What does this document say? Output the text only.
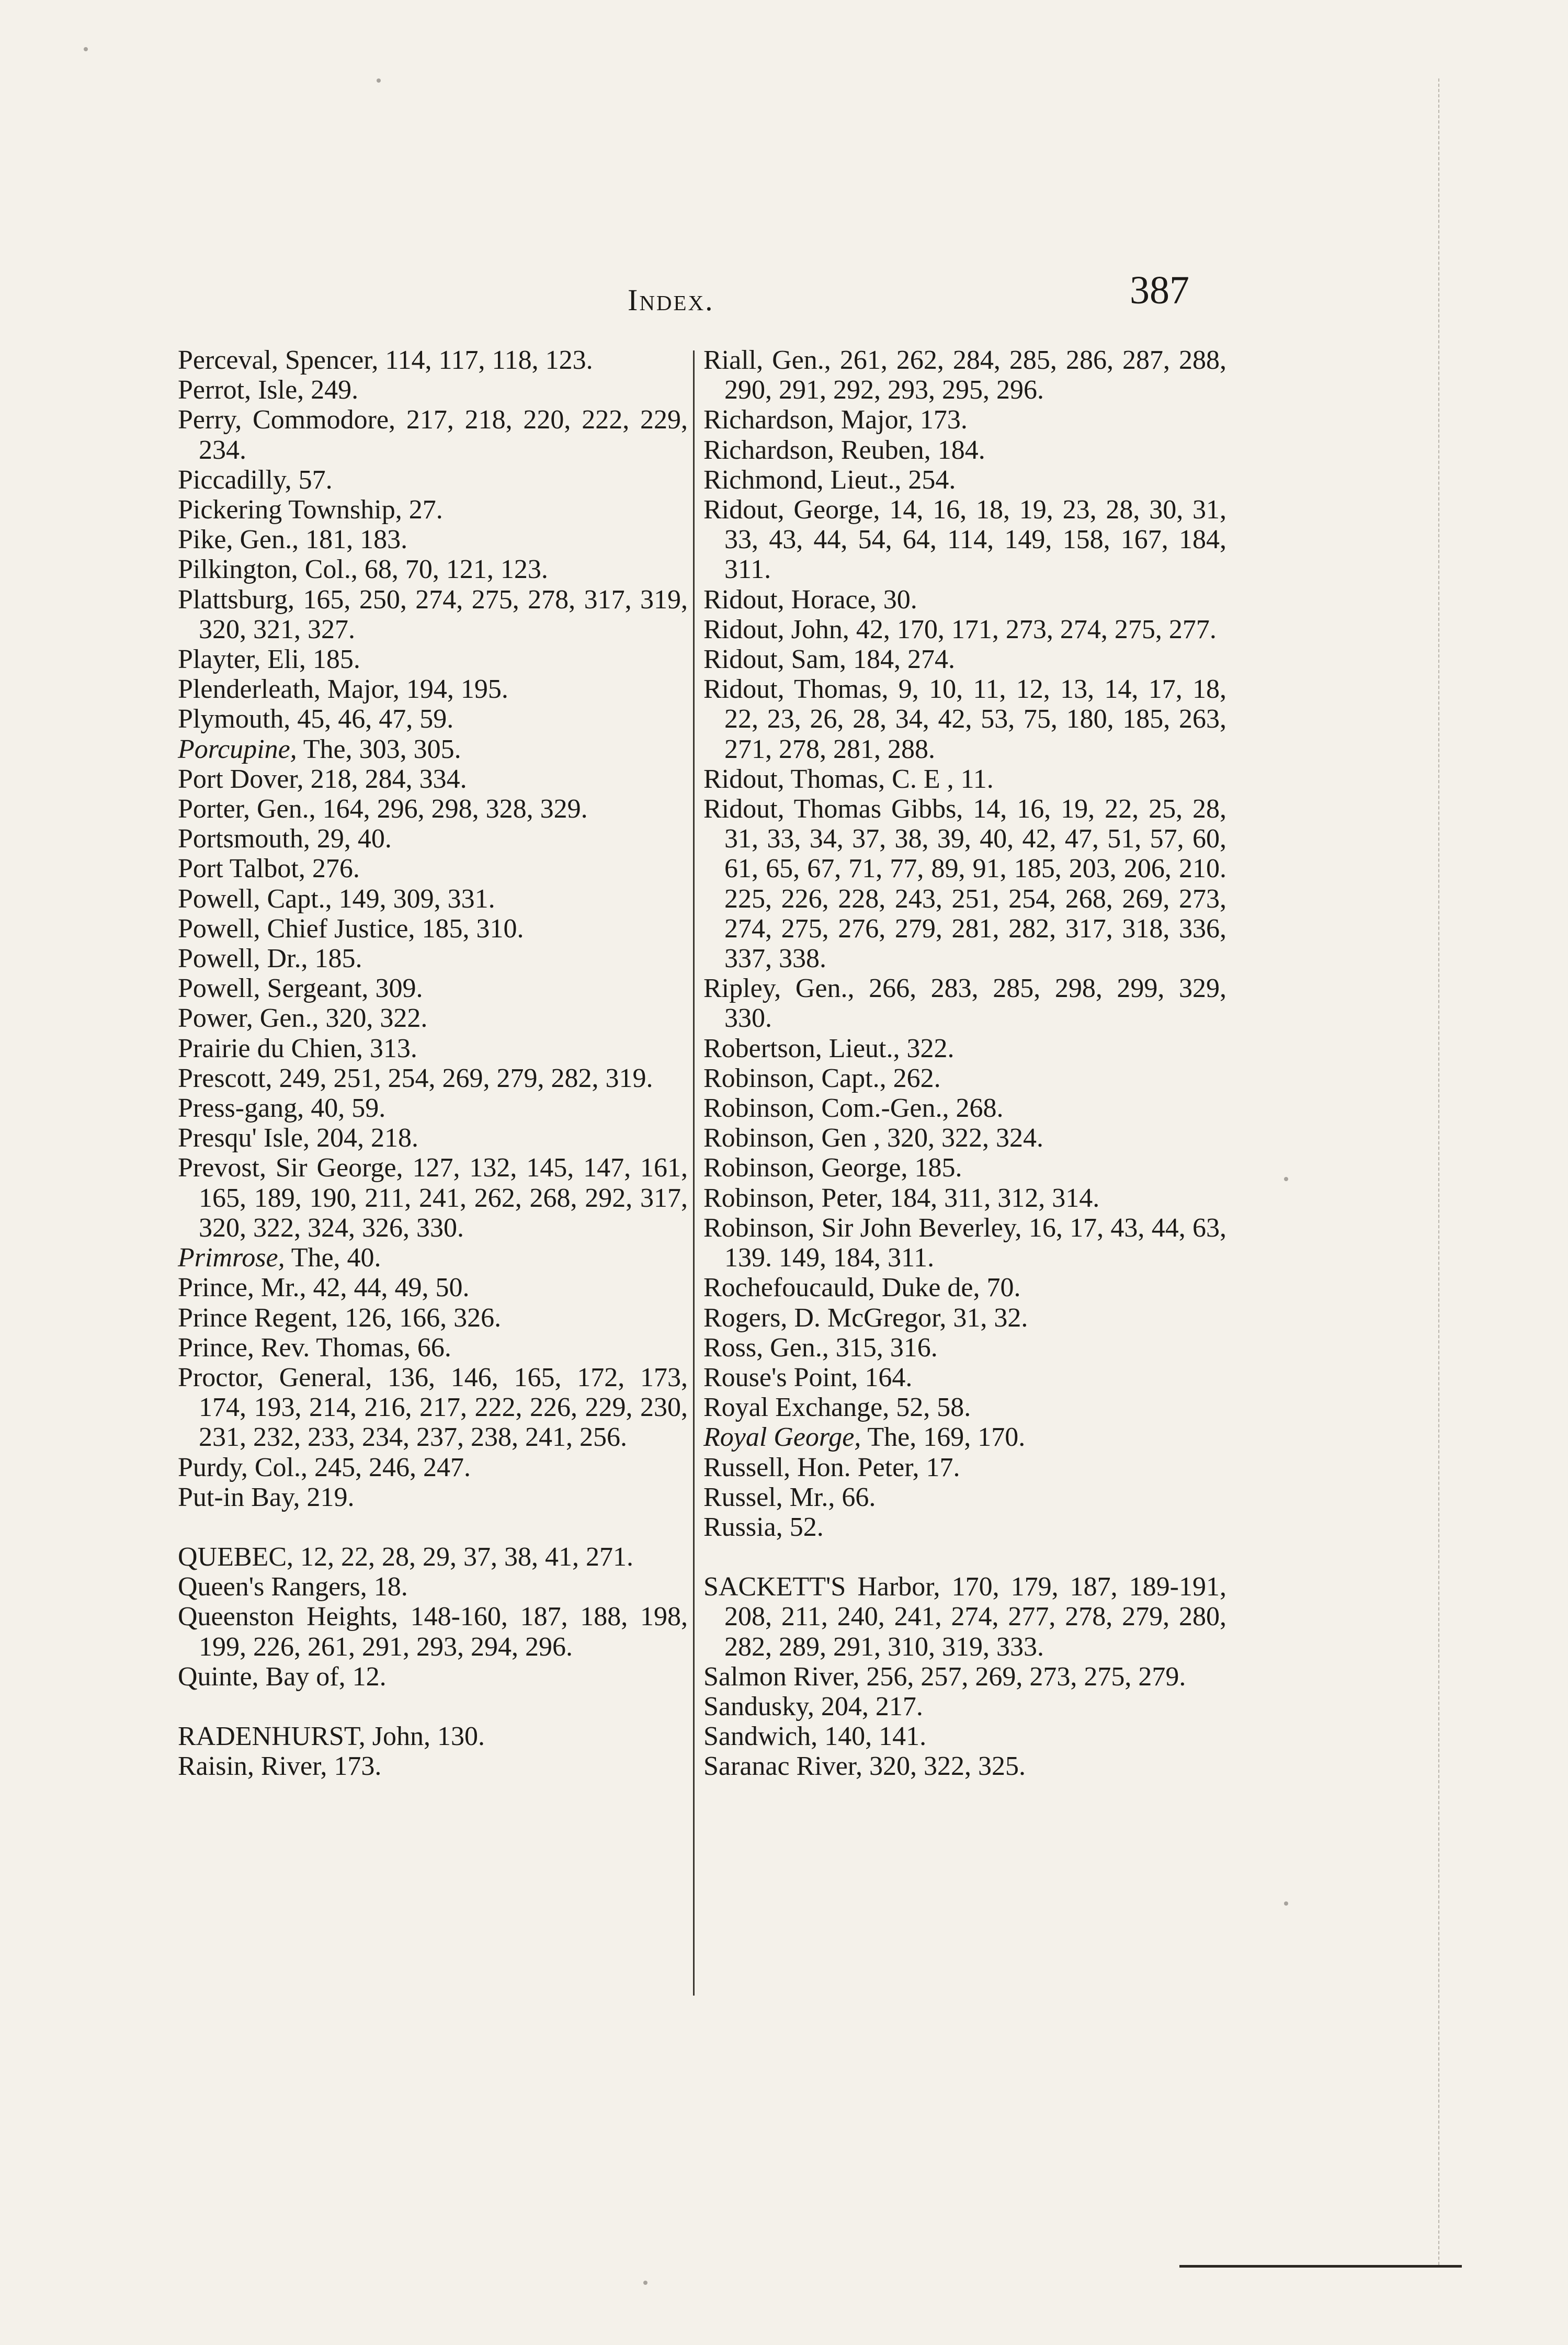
Index.	387

Perceval, Spencer, 114, 117, 118, 123.

Perrot, Isle, 249.

Perry, Commodore, 217, 218, 220, 222, 229, 234.

Piccadilly, 57.

Pickering Township, 27.

Pike, Gen., 181, 183.

Pilkington, Col., 68, 70, 121, 123.

Plattsburg, 165, 250, 274, 275, 278, 317, 319, 320, 321, 327.

Playter, Eli, 185.

Plenderleath, Major, 194, 195.

Plymouth, 45, 46, 47, 59.

Porcupine, The, 303, 305.

Port Dover, 218, 284, 334.

Porter, Gen., 164, 296, 298, 328, 329.

Portsmouth, 29, 40.

Port Talbot, 276.

Powell, Capt., 149, 309, 331.

Powell, Chief Justice, 185, 310.

Powell, Dr., 185.

Powell, Sergeant, 309.

Power, Gen., 320, 322.

Prairie du Chien, 313.

Prescott, 249, 251, 254, 269, 279, 282, 319.

Press-gang, 40, 59.

Presqu' Isle, 204, 218.

Prevost, Sir George, 127, 132, 145, 147, 161, 165, 189, 190, 211, 241, 262, 268, 292, 317, 320, 322, 324, 326, 330.

Primrose, The, 40.

Prince, Mr., 42, 44, 49, 50.

Prince Regent, 126, 166, 326.

Prince, Rev. Thomas, 66.

Proctor, General, 136, 146, 165, 172, 173, 174, 193, 214, 216, 217, 222, 226, 229, 230, 231, 232, 233, 234, 237, 238, 241, 256.

Purdy, Col., 245, 246, 247.

Put-in Bay, 219.

QUEBEC, 12, 22, 28, 29, 37, 38, 41, 271.

Queen's Rangers, 18.

Queenston Heights, 148-160, 187, 188, 198, 199, 226, 261, 291, 293, 294, 296.

Quinte, Bay of, 12.

RADENHURST, John, 130.

Raisin, River, 173.

Riall, Gen., 261, 262, 284, 285, 286, 287, 288, 290, 291, 292, 293, 295, 296.

Richardson, Major, 173.

Richardson, Reuben, 184.

Richmond, Lieut., 254.

Ridout, George, 14, 16, 18, 19, 23, 28, 30, 31, 33, 43, 44, 54, 64, 114, 149, 158, 167, 184, 311.

Ridout, Horace, 30.

Ridout, John, 42, 170, 171, 273, 274, 275, 277.

Ridout, Sam, 184, 274.

Ridout, Thomas, 9, 10, 11, 12, 13, 14, 17, 18, 22, 23, 26, 28, 34, 42, 53, 75, 180, 185, 263, 271, 278, 281, 288.

Ridout, Thomas, C. E , 11.

Ridout, Thomas Gibbs, 14, 16, 19, 22, 25, 28, 31, 33, 34, 37, 38, 39, 40, 42, 47, 51, 57, 60, 61, 65, 67, 71, 77, 89, 91, 185, 203, 206, 210. 225, 226, 228, 243, 251, 254, 268, 269, 273, 274, 275, 276, 279, 281, 282, 317, 318, 336, 337, 338.

Ripley, Gen., 266, 283, 285, 298, 299, 329, 330.

Robertson, Lieut., 322.

Robinson, Capt., 262.

Robinson, Com.-Gen., 268.

Robinson, Gen , 320, 322, 324.

Robinson, George, 185.

Robinson, Peter, 184, 311, 312, 314.

Robinson, Sir John Beverley, 16, 17, 43, 44, 63, 139. 149, 184, 311.

Rochefoucauld, Duke de, 70.

Rogers, D. McGregor, 31, 32.

Ross, Gen., 315, 316.

Rouse's Point, 164.

Royal Exchange, 52, 58.

Royal George, The, 169, 170.

Russell, Hon. Peter, 17.

Russel, Mr., 66.

Russia, 52.

SACKETT'S Harbor, 170, 179, 187, 189-191, 208, 211, 240, 241, 274, 277, 278, 279, 280, 282, 289, 291, 310, 319, 333.

Salmon River, 256, 257, 269, 273, 275, 279.

Sandusky, 204, 217.

Sandwich, 140, 141.

Saranac River, 320, 322, 325.
